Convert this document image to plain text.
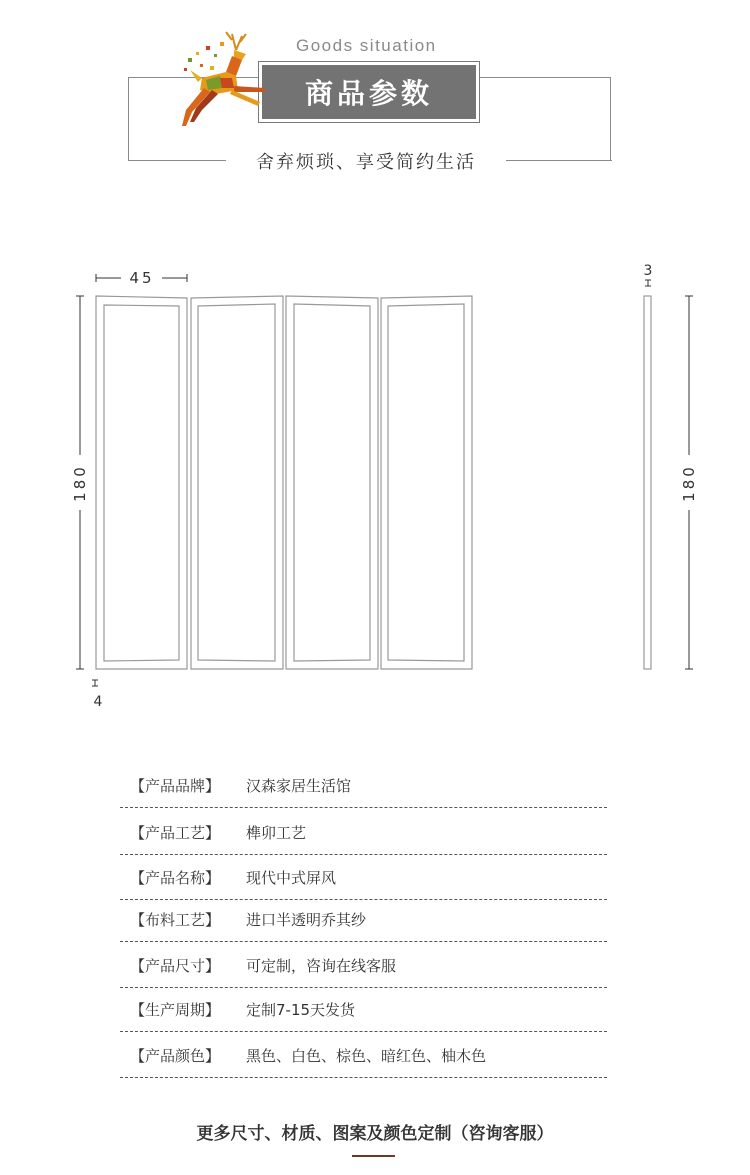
Goods situation
商品参数
舍弃烦琐、享受简约生活
45
180	180
4
3
【产品品牌】 汉森家居生活馆
【产品工艺】 榫卯工艺
【产品名称】 现代中式屏风
【布料工艺】 进口半透明乔其纱
【产品尺寸】 可定制，咨询在线客服
【生产周期】 定制7-15天发货
【产品颜色】 黑色、白色、棕色、暗红色、柚木色
更多尺寸、材质、图案及颜色定制（咨询客服）
